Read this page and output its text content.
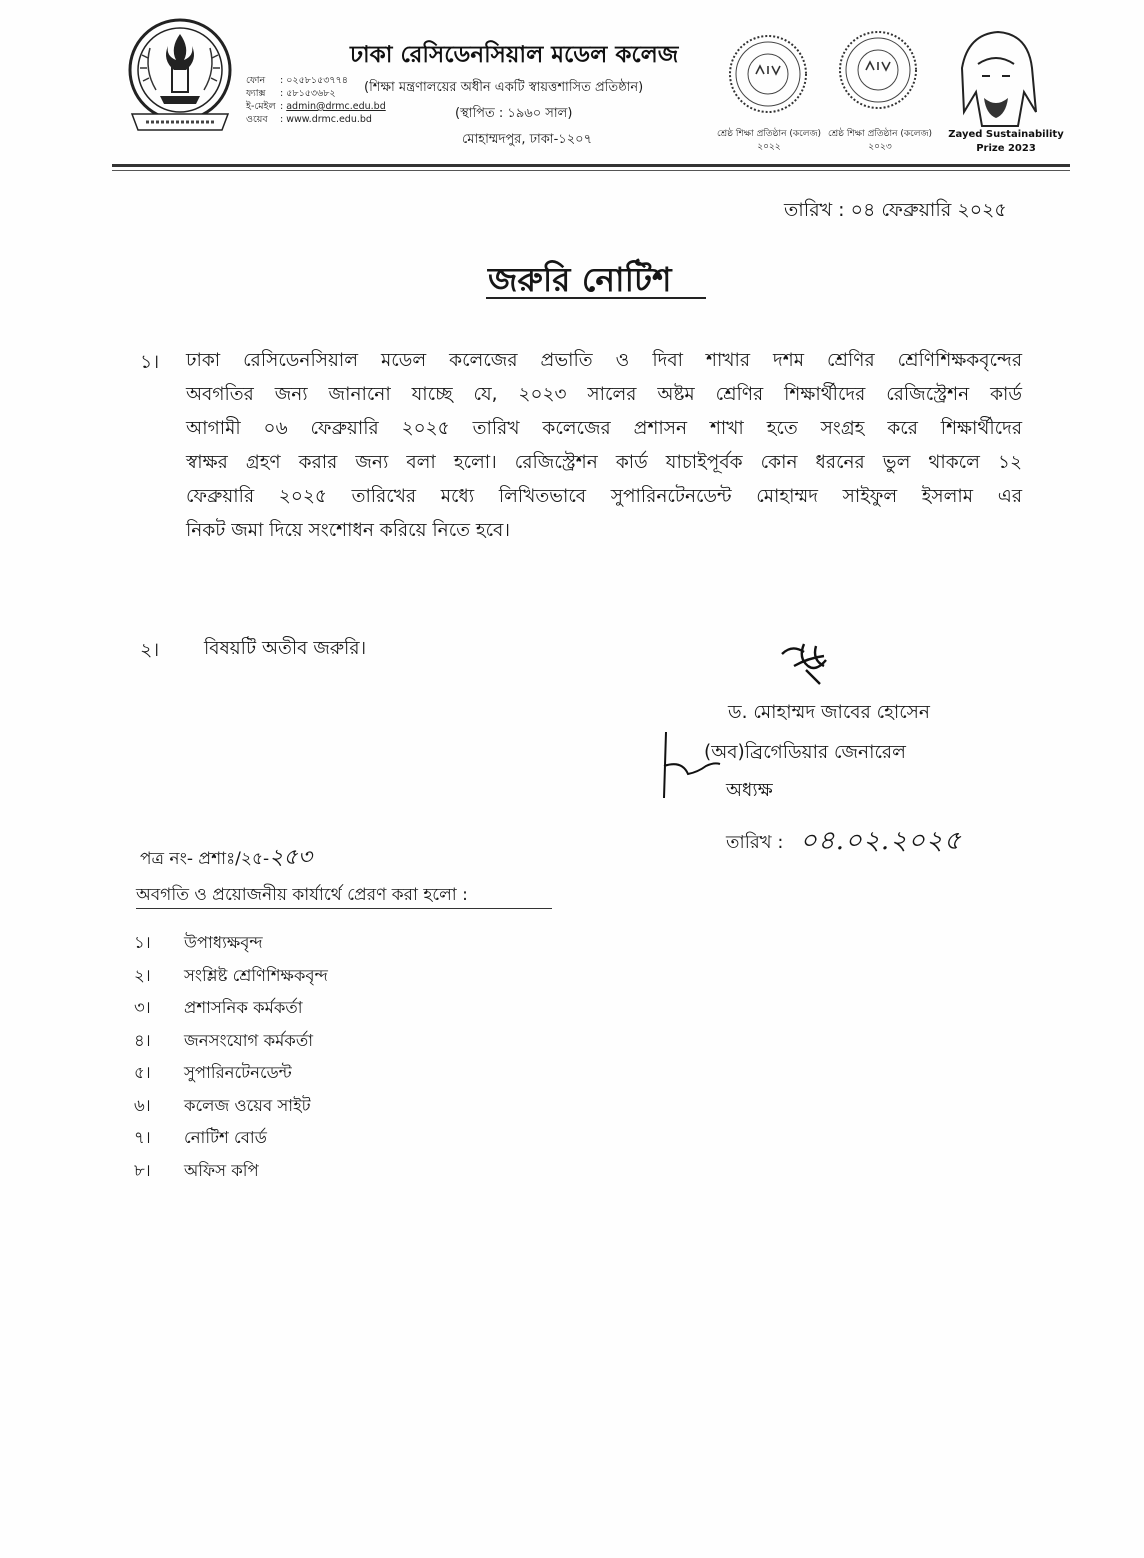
ফোন : ০২৫৮১৫৩৭৭৪
ফ্যাক্স : ৫৮১৫৩৬৮২
ই-মেইল : admin@drmc.edu.bd
ওয়েব : www.drmc.edu.bd
ঢাকা রেসিডেনসিয়াল মডেল কলেজ
(শিক্ষা মন্ত্রণালয়ের অধীন একটি স্বায়ত্তশাসিত প্রতিষ্ঠান)
(স্থাপিত : ১৯৬০ সাল)
মোহাম্মদপুর, ঢাকা-১২০৭	শ্রেষ্ঠ শিক্ষা প্রতিষ্ঠান (কলেজ)
২০২২
শ্রেষ্ঠ শিক্ষা প্রতিষ্ঠান (কলেজ)
২০২৩
Zayed Sustainability
Prize 2023
তারিখ : ০৪ ফেব্রুয়ারি ২০২৫
জরুরি নোটিশ
১। ঢাকা রেসিডেনসিয়াল মডেল কলেজের প্রভাতি ও দিবা শাখার দশম শ্রেণির শ্রেণিশিক্ষকবৃন্দের
অবগতির জন্য জানানো যাচ্ছে যে, ২০২৩ সালের অষ্টম শ্রেণির শিক্ষার্থীদের রেজিস্ট্রেশন কার্ড
আগামী ০৬ ফেব্রুয়ারি ২০২৫ তারিখ কলেজের প্রশাসন শাখা হতে সংগ্রহ করে শিক্ষার্থীদের
স্বাক্ষর গ্রহণ করার জন্য বলা হলো। রেজিস্ট্রেশন কার্ড যাচাইপূর্বক কোন ধরনের ভুল থাকলে ১২
ফেব্রুয়ারি ২০২৫ তারিখের মধ্যে লিখিতভাবে সুপারিনটেনডেন্ট মোহাম্মদ সাইফুল ইসলাম এর
নিকট জমা দিয়ে সংশোধন করিয়ে নিতে হবে।
২। বিষয়টি অতীব জরুরি।
ড. মোহাম্মদ জাবের হোসেন
(অব)ব্রিগেডিয়ার জেনারেল
অধ্যক্ষ
তারিখ : ০৪.০২.২০২৫
পত্র নং- প্রশাঃ/২৫-২৫৩
অবগতি ও প্রয়োজনীয় কার্যার্থে প্রেরণ করা হলো :
১। উপাধ্যক্ষবৃন্দ
২। সংশ্লিষ্ট শ্রেণিশিক্ষকবৃন্দ
৩। প্রশাসনিক কর্মকর্তা
৪। জনসংযোগ কর্মকর্তা
৫। সুপারিনটেনডেন্ট
৬। কলেজ ওয়েব সাইট
৭। নোটিশ বোর্ড
৮। অফিস কপি
